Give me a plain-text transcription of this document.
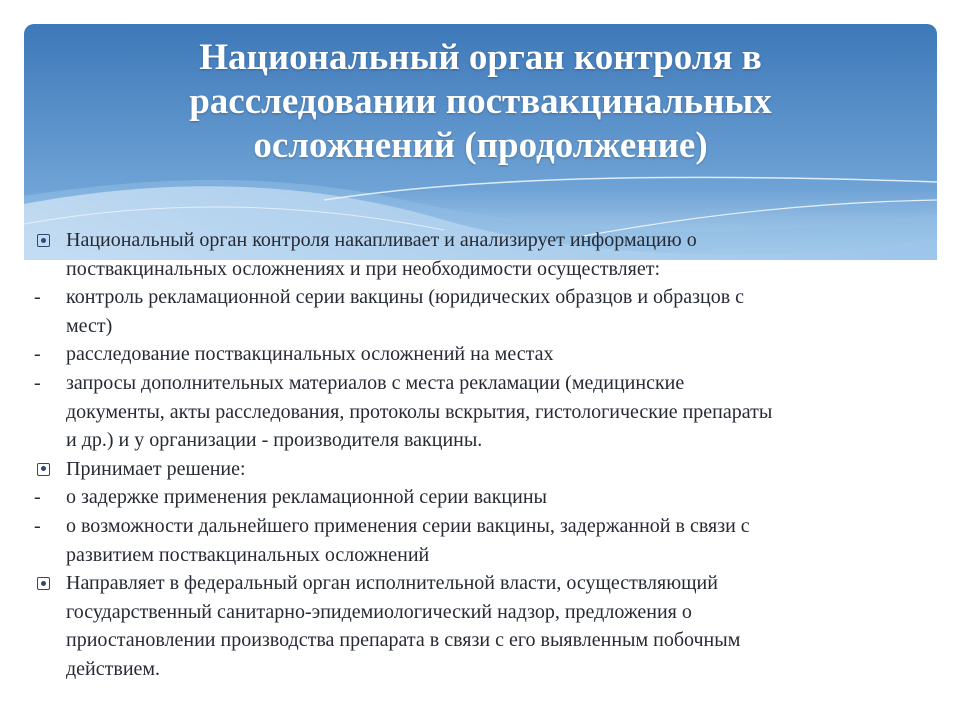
Национальный орган контроля в
расследовании поствакцинальных
осложнений (продолжение)
Национальный орган контроля накапливает и анализирует информацию о
поствакцинальных осложнениях и при необходимости осуществляет:
-	контроль рекламационной серии вакцины (юридических образцов и образцов с
мест)
-	расследование поствакцинальных осложнений на местах
-	запросы дополнительных материалов с места рекламации (медицинские
документы, акты расследования, протоколы вскрытия, гистологические препараты
и др.) и у организации - производителя вакцины.
Принимает решение:
-	о задержке применения рекламационной серии вакцины
-	о возможности дальнейшего применения серии вакцины, задержанной в связи с
развитием поствакцинальных осложнений
Направляет в федеральный орган исполнительной власти, осуществляющий
государственный санитарно-эпидемиологический надзор, предложения о
приостановлении производства препарата в связи с его выявленным побочным
действием.
